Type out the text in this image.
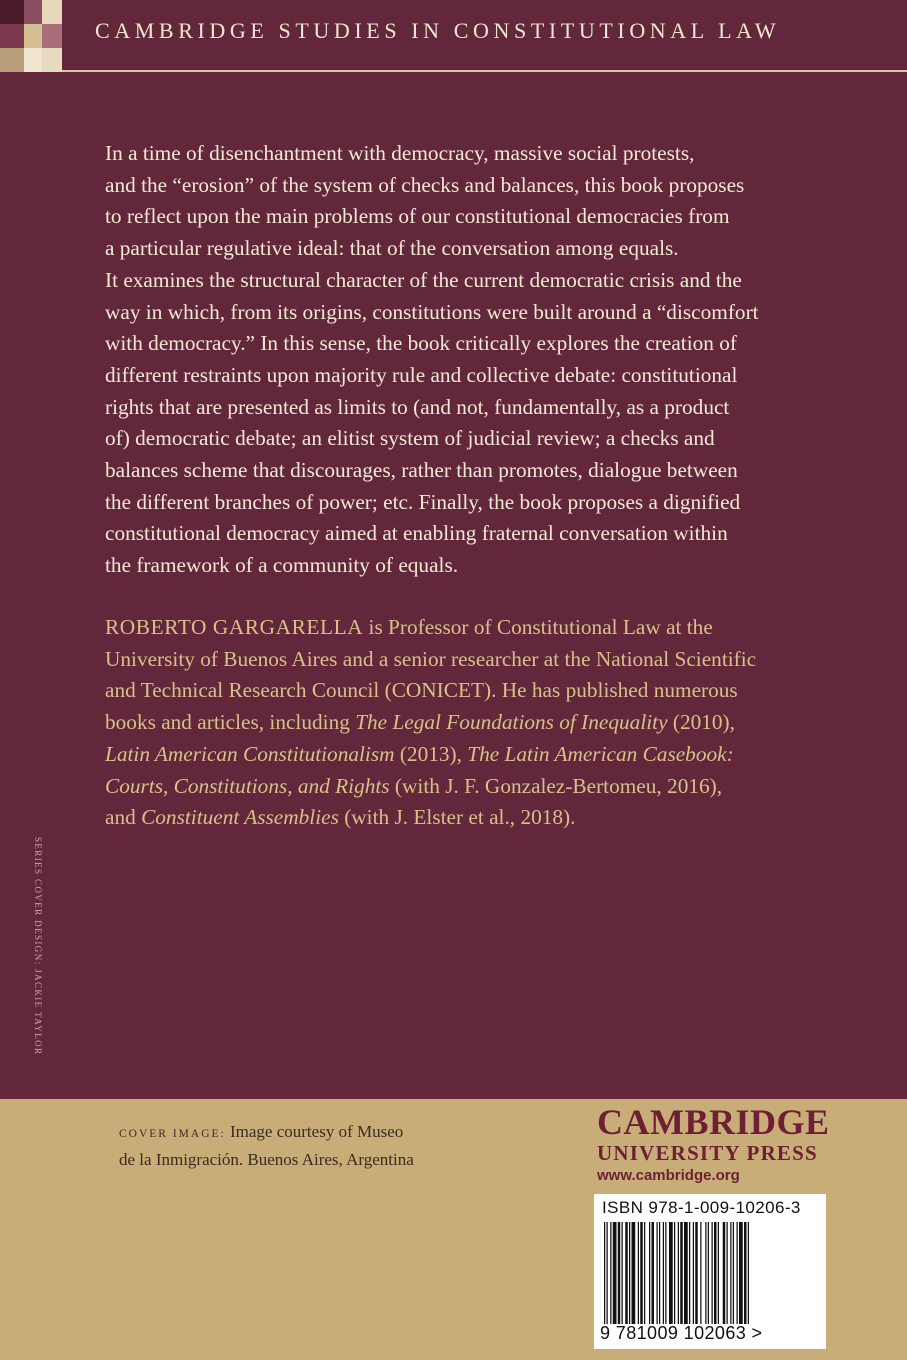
CAMBRIDGE STUDIES IN CONSTITUTIONAL LAW

In a time of disenchantment with democracy, massive social protests,
and the “erosion” of the system of checks and balances, this book proposes
to reflect upon the main problems of our constitutional democracies from
a particular regulative ideal: that of the conversation among equals.
It examines the structural character of the current democratic crisis and the
way in which, from its origins, constitutions were built around a “discomfort
with democracy.” In this sense, the book critically explores the creation of
different restraints upon majority rule and collective debate: constitutional
rights that are presented as limits to (and not, fundamentally, as a product
of) democratic debate; an elitist system of judicial review; a checks and
balances scheme that discourages, rather than promotes, dialogue between
the different branches of power; etc. Finally, the book proposes a dignified
constitutional democracy aimed at enabling fraternal conversation within
the framework of a community of equals.

ROBERTO GARGARELLA is Professor of Constitutional Law at the
University of Buenos Aires and a senior researcher at the National Scientific
and Technical Research Council (CONICET). He has published numerous
books and articles, including The Legal Foundations of Inequality (2010),
Latin American Constitutionalism (2013), The Latin American Casebook:
Courts, Constitutions, and Rights (with J. F. Gonzalez-Bertomeu, 2016),
and Constituent Assemblies (with J. Elster et al., 2018).

SERIES COVER DESIGN: JACKIE TAYLOR
COVER IMAGE: Image courtesy of Museo
de la Inmigración. Buenos Aires, Argentina
CAMBRIDGE
UNIVERSITY PRESS
www.cambridge.org
ISBN 978-1-009-10206-3
9 781009 102063 >
